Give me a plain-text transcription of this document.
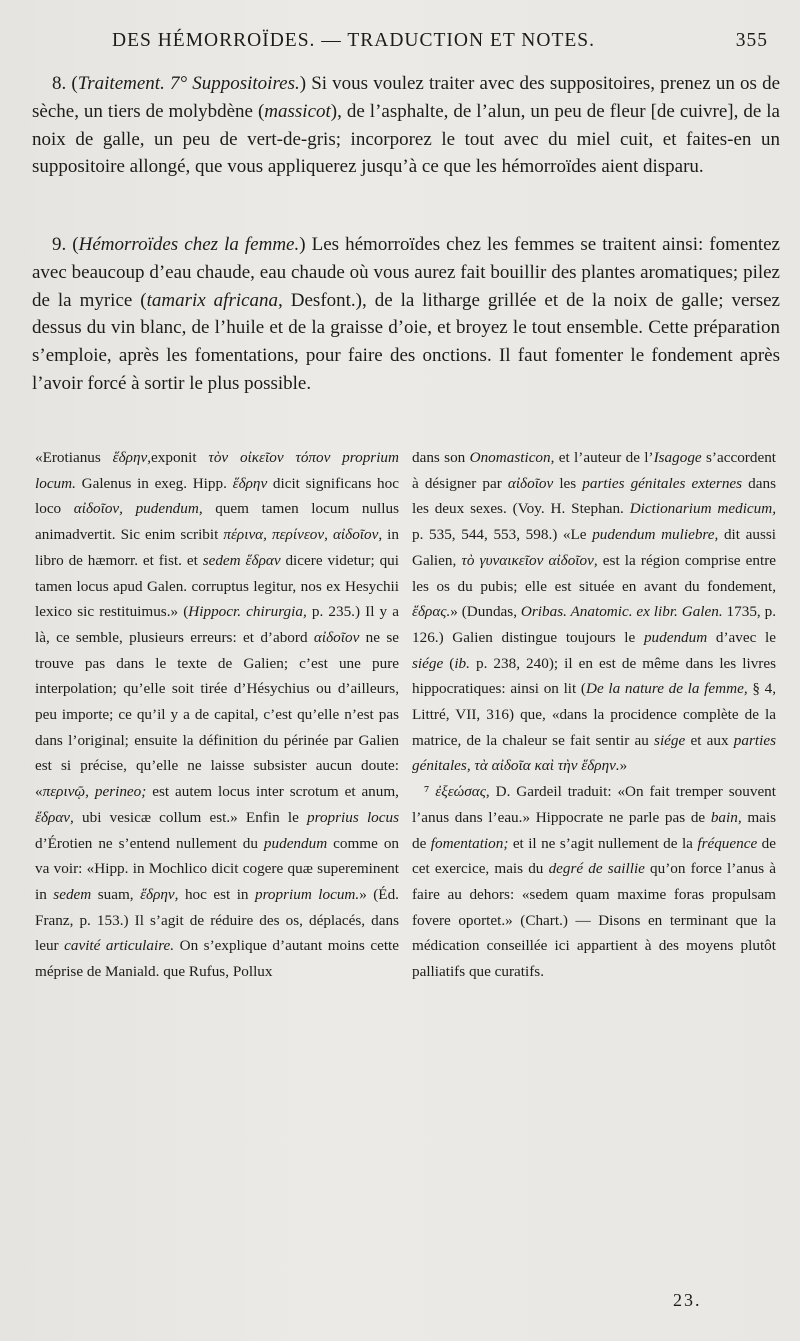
DES HÉMORROÏDES. — TRADUCTION ET NOTES.	355
8. (Traitement. 7° Suppositoires.) Si vous voulez traiter avec des suppositoires, prenez un os de sèche, un tiers de molybdène (massicot), de l’asphalte, de l’alun, un peu de fleur [de cuivre], de la noix de galle, un peu de vert-de-gris; incorporez le tout avec du miel cuit, et faites-en un suppositoire allongé, que vous appliquerez jusqu’à ce que les hémorroïdes aient disparu.
9. (Hémorroïdes chez la femme.) Les hémorroïdes chez les femmes se traitent ainsi: fomentez avec beaucoup d’eau chaude, eau chaude où vous aurez fait bouillir des plantes aromatiques; pilez de la myrice (tamarix africana, Desfont.), de la litharge grillée et de la noix de galle; versez dessus du vin blanc, de l’huile et de la graisse d’oie, et broyez le tout ensemble. Cette préparation s’emploie, après les fomentations, pour faire des onctions. Il faut fomenter le fondement après l’avoir forcé à sortir le plus possible.

«Erotianus ἕδρην,exponit τὸν οἰκεῖον τόπον proprium locum. Galenus in exeg. Hipp. ἕδρην dicit significans hoc loco αἰδοῖον, pudendum, quem tamen locum nullus animadvertit. Sic enim scribit πέρινα, περίνεον, αἰδοῖον, in libro de hæmorr. et fist. et sedem ἕδραν dicere videtur; qui tamen locus apud Galen. corruptus legitur, nos ex Hesychii lexico sic restituimus.» (Hippocr. chirurgia, p. 235.) Il y a là, ce semble, plusieurs erreurs: et d’abord αἰδοῖον ne se trouve pas dans le texte de Galien; c’est une pure interpolation; qu’elle soit tirée d’Hésychius ou d’ailleurs, peu importe; ce qu’il y a de capital, c’est qu’elle n’est pas dans l’original; ensuite la définition du périnée par Galien est si précise, qu’elle ne laisse subsister aucun doute: «περινῷ, perineo; est autem locus inter scrotum et anum, ἕδραν, ubi vesicæ collum est.» Enfin le proprius locus d’Érotien ne s’entend nullement du pudendum comme on va voir: «Hipp. in Mochlico dicit cogere quæ supereminent in sedem suam, ἕδρην, hoc est in proprium locum.» (Éd. Franz, p. 153.) Il s’agit de réduire des os, déplacés, dans leur cavité articulaire. On s’explique d’autant moins cette méprise de Maniald. que Rufus, Pollux

dans son Onomasticon, et l’auteur de l’Isagoge s’accordent à désigner par αἰδοῖον les parties génitales externes dans les deux sexes. (Voy. H. Stephan. Dictionarium medicum, p. 535, 544, 553, 598.) «Le pudendum muliebre, dit aussi Galien, τὸ γυναικεῖον αἰδοῖον, est la région comprise entre les os du pubis; elle est située en avant du fondement, ἕδρας.» (Dundas, Oribas. Anatomic. ex libr. Galen. 1735, p. 126.) Galien distingue toujours le pudendum d’avec le siége (ib. p. 238, 240); il en est de même dans les livres hippocratiques: ainsi on lit (De la nature de la femme, § 4, Littré, VII, 316) que, «dans la procidence complète de la matrice, de la chaleur se fait sentir au siége et aux parties génitales, τὰ αἰδοῖα καὶ τὴν ἕδρην.»

⁷ ἐξεώσας, D. Gardeil traduit: «On fait tremper souvent l’anus dans l’eau.» Hippocrate ne parle pas de bain, mais de fomentation; et il ne s’agit nullement de la fréquence de cet exercice, mais du degré de saillie qu’on force l’anus à faire au dehors: «sedem quam maxime foras propulsam fovere oportet.» (Chart.) — Disons en terminant que la médication conseillée ici appartient à des moyens plutôt palliatifs que curatifs.

23.
